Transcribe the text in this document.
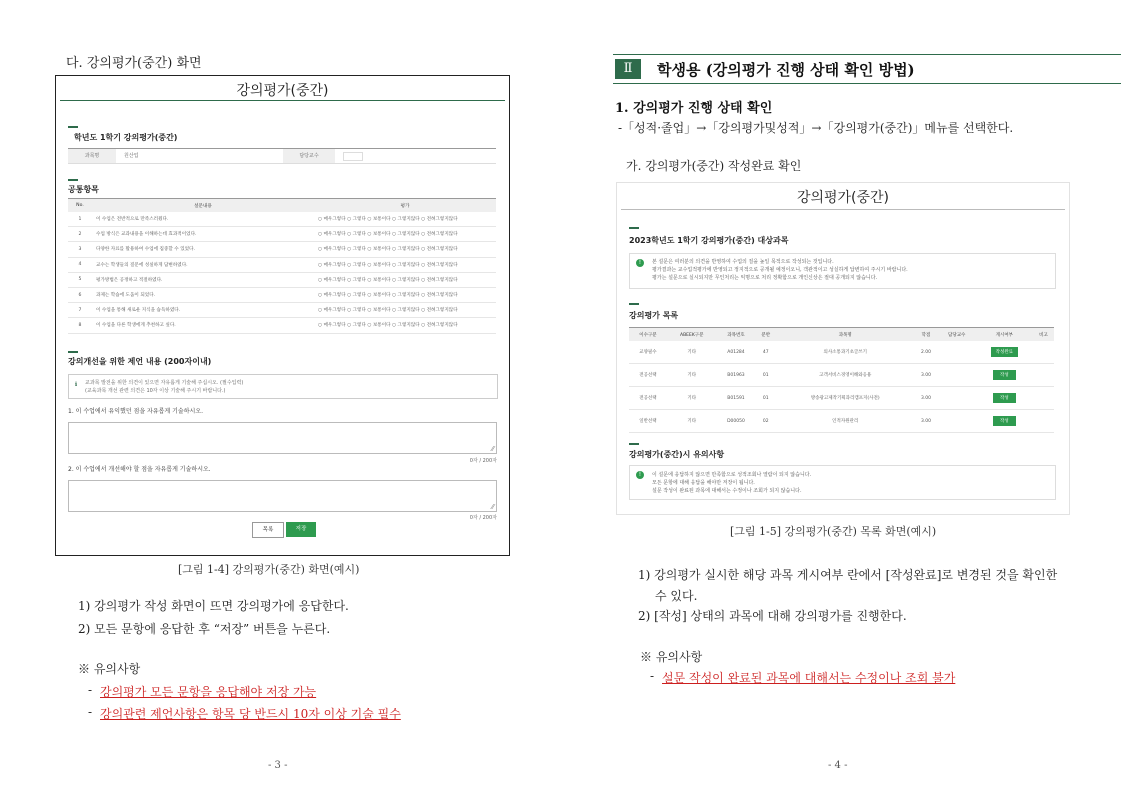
다. 강의평가(중간) 화면
강의평가(중간)
학년도 1학기 강의평가(중간)
과목명	원산업	담당교수
공통항목
No.	설문내용	평가
1	이 수업은 전반적으로 만족스러웠다.	○ 매우그렇다 ○ 그렇다 ○ 보통이다 ○ 그렇지않다 ○ 전혀그렇지않다
2	수업 방식은 교과내용을 이해하는데 효과적이었다.	○ 매우그렇다 ○ 그렇다 ○ 보통이다 ○ 그렇지않다 ○ 전혀그렇지않다
3	다양한 자료를 활용하여 수업에 집중할 수 있었다.	○ 매우그렇다 ○ 그렇다 ○ 보통이다 ○ 그렇지않다 ○ 전혀그렇지않다
4	교수는 학생들의 질문에 성실하게 답변하였다.	○ 매우그렇다 ○ 그렇다 ○ 보통이다 ○ 그렇지않다 ○ 전혀그렇지않다
5	평가방법은 공정하고 적절하였다.	○ 매우그렇다 ○ 그렇다 ○ 보통이다 ○ 그렇지않다 ○ 전혀그렇지않다
6	과제는 학습에 도움이 되었다.	○ 매우그렇다 ○ 그렇다 ○ 보통이다 ○ 그렇지않다 ○ 전혀그렇지않다
7	이 수업을 통해 새로운 지식을 습득하였다.	○ 매우그렇다 ○ 그렇다 ○ 보통이다 ○ 그렇지않다 ○ 전혀그렇지않다
8	이 수업을 다른 학생에게 추천하고 싶다.	○ 매우그렇다 ○ 그렇다 ○ 보통이다 ○ 그렇지않다 ○ 전혀그렇지않다
강의개선을 위한 제언 내용 (200자이내)
ℹ 교과목 발전을 위한 의견이 있으면 자유롭게 기술해 주십시오. (필수입력)
(교육과목 개선 관련 의견은 10자 이상 기술해 주시기 바랍니다.)
1. 이 수업에서 유익했던 점을 자유롭게 기술하시오.
⁄⁄
0자 / 200자
2. 이 수업에서 개선해야 할 점을 자유롭게 기술하시오.
⁄⁄
0자 / 200자
목록	저장
[그림 1-4] 강의평가(중간) 화면(예시)
1) 강의평가 작성 화면이 뜨면 강의평가에 응답한다.
2) 모든 문항에 응답한 후 “저장” 버튼을 누른다.
※ 유의사항
- 강의평가 모든 문항을 응답해야 저장 가능
- 강의관련 제언사항은 항목 당 반드시 10자 이상 기술 필수
- 3 -
Ⅱ	학생용 (강의평가 진행 상태 확인 방법)
1. 강의평가 진행 상태 확인
-「성적·졸업」→「강의평가및성적」→「강의평가(중간)」메뉴를 선택한다.
가. 강의평가(중간) 작성완료 확인
강의평가(중간)
2023학년도 1학기 강의평가(중간) 대상과목
!	본 설문은 여러분의 의견을 반영하여 수업의 질을 높일 목적으로 작성되는 것입니다.
평가결과는 교수업적평가에 반영되고 정지적으로 공개될 예정이오니, 객관적이고 성실하게 답변하여 주시기 바랍니다.
평가는 설문으로 실시되지만 무인처리는 익명으로 처리 정확함으로 개인신상은 절대 공개되지 않습니다.
강의평가 목록
이수구분	ABEEK구분	과목번호	분반	과목명	학점	담당교수	게시여부	비고
교양필수	기타	A01284	47	의사소통과기초글쓰기	2.00		작성완료	
전공선택	기타	B01963	01	고객서비스경영이해와응용	3.00		작성	
전공선택	기타	B01591	01	방송광고제작기획과리캠프지(사전)	3.00		작성	
일반선택	기타	D00050	02	인적자원관리	3.00		작성	
강의평가(중간)시 유의사항
!	이 설문에 응답하지 않으면 만족함으로 성적조회나 열람이 되지 않습니다.
모든 문항에 대해 응답을 해야만 저장이 됩니다.
설문 작성이 완료된 과목에 대해서는 수정이나 조회가 되지 않습니다.
[그림 1-5] 강의평가(중간) 목록 화면(예시)
1) 강의평가 실시한 해당 과목 게시여부 란에서 [작성완료]로 변경된 것을 확인한
수 있다.
2) [작성] 상태의 과목에 대해 강의평가를 진행한다.
※ 유의사항
- 설문 작성이 완료된 과목에 대해서는 수정이나 조회 불가
- 4 -
